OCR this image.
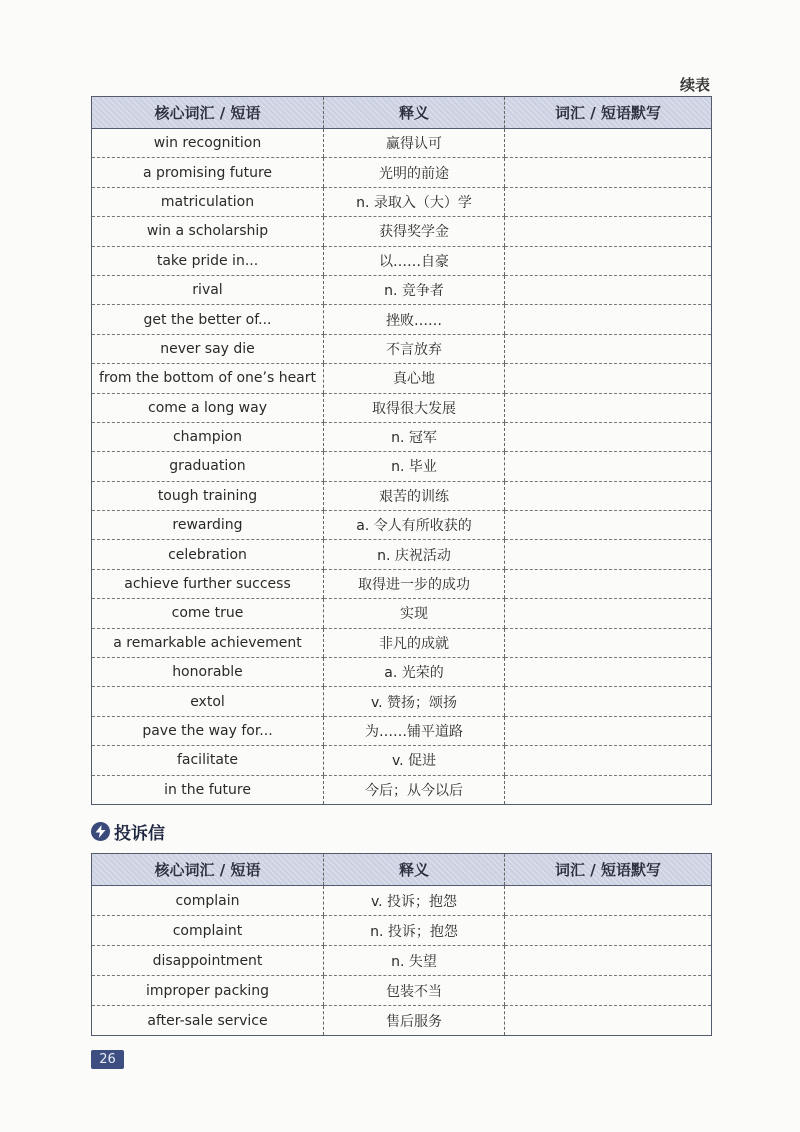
续表
核心词汇 / 短语	释义	词汇 / 短语默写
win recognition	赢得认可	
a promising future	光明的前途	
matriculation	n. 录取入（大）学	
win a scholarship	获得奖学金	
take pride in...	以……自豪	
rival	n. 竞争者	
get the better of...	挫败……	
never say die	不言放弃	
from the bottom of one’s heart	真心地	
come a long way	取得很大发展	
champion	n. 冠军	
graduation	n. 毕业	
tough training	艰苦的训练	
rewarding	a. 令人有所收获的	
celebration	n. 庆祝活动	
achieve further success	取得进一步的成功	
come true	实现	
a remarkable achievement	非凡的成就	
honorable	a. 光荣的	
extol	v. 赞扬；颂扬	
pave the way for...	为……铺平道路	
facilitate	v. 促进	
in the future	今后；从今以后	
投诉信
核心词汇 / 短语	释义	词汇 / 短语默写
complain	v. 投诉；抱怨	
complaint	n. 投诉；抱怨	
disappointment	n. 失望	
improper packing	包装不当	
after-sale service	售后服务	
26
